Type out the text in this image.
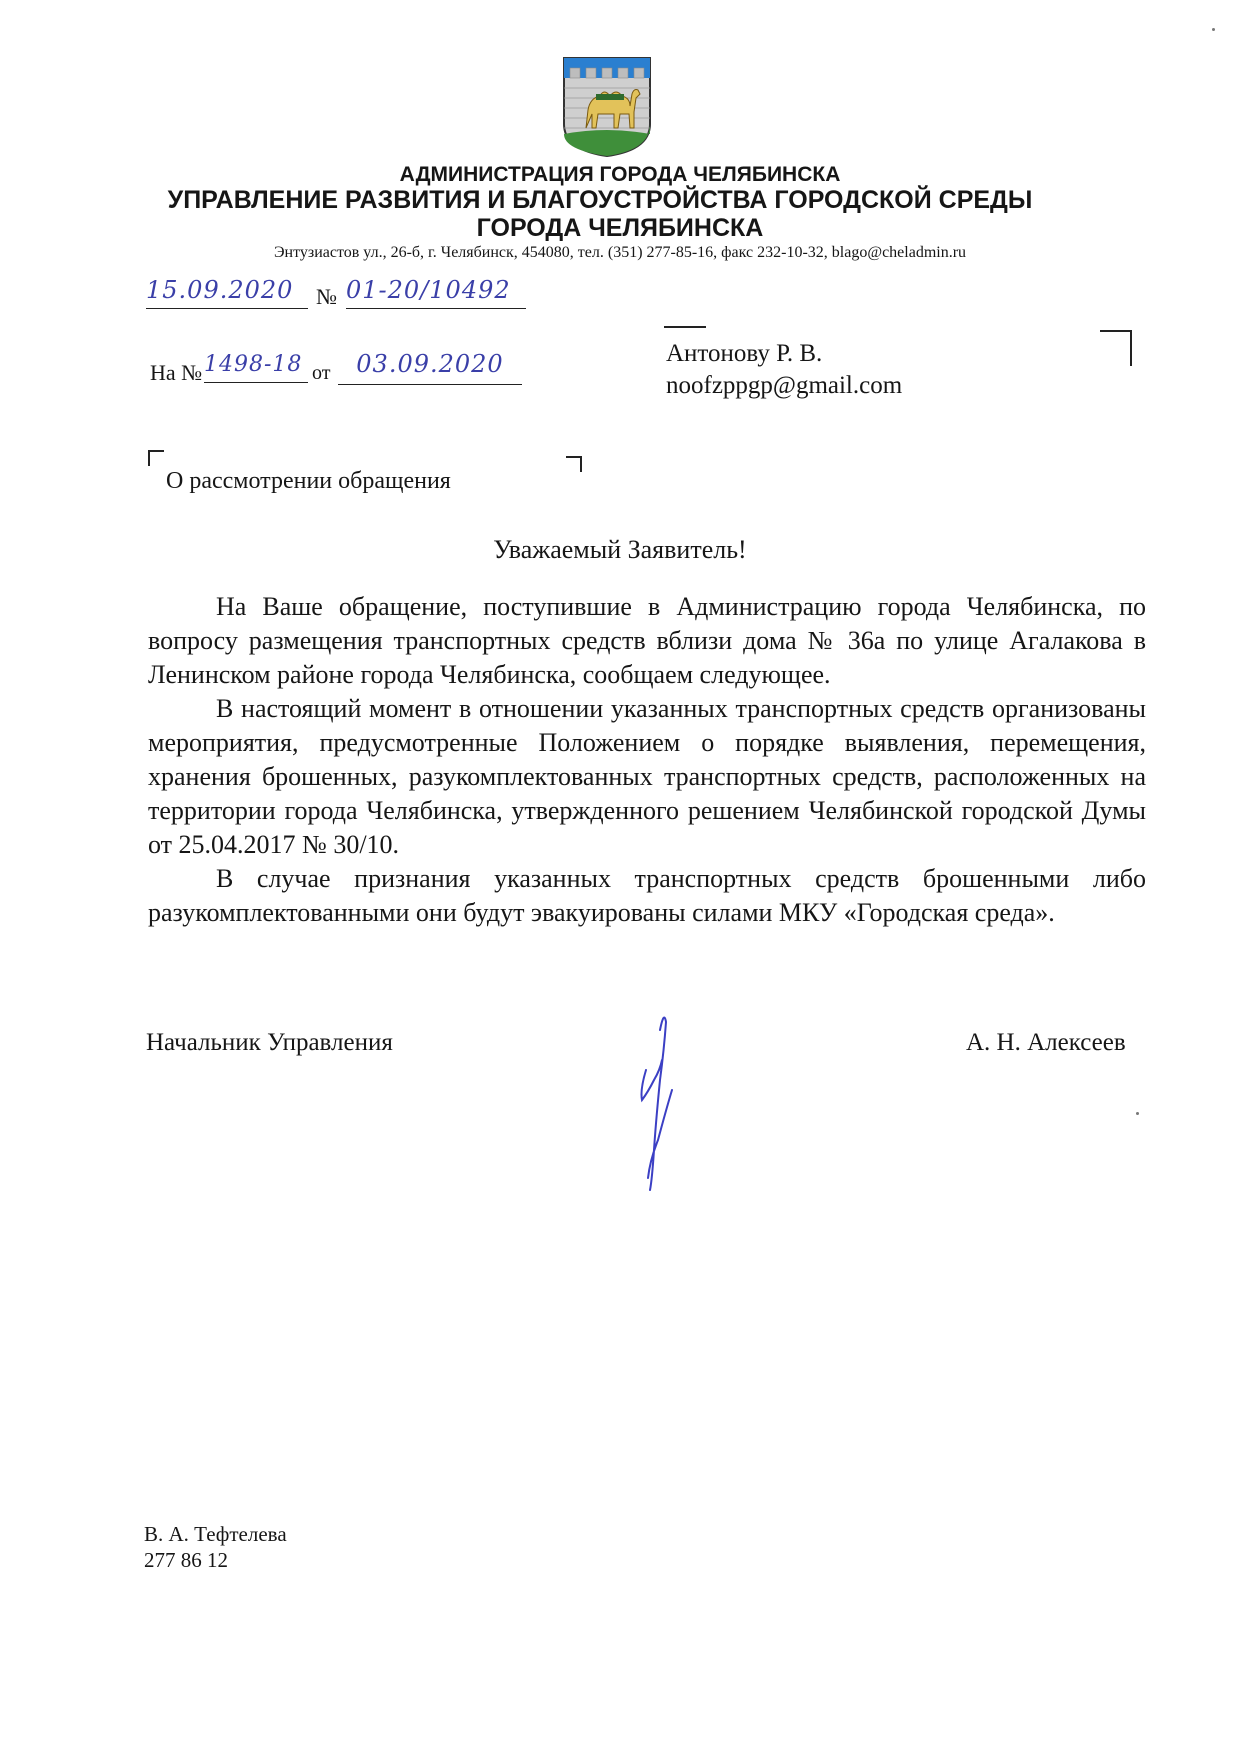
АДМИНИСТРАЦИЯ ГОРОДА ЧЕЛЯБИНСКА
УПРАВЛЕНИЕ РАЗВИТИЯ И БЛАГОУСТРОЙСТВА ГОРОДСКОЙ СРЕДЫ
ГОРОДА ЧЕЛЯБИНСКА
Энтузиастов ул., 26-б, г. Челябинск, 454080, тел. (351) 277-85-16, факс 232-10-32, blago@cheladmin.ru
15.09.2020	№ 01-20/10492
На № 1498-18 от	03.09.2020	Антонову Р. В.
noofzppgp@gmail.com
О рассмотрении обращения
Уважаемый Заявитель!

На Ваше обращение, поступившие в Администрацию города Челябинска, по вопросу размещения транспортных средств вблизи дома № 36а по улице Агалакова в Ленинском районе города Челябинска, сообщаем следующее.

В настоящий момент в отношении указанных транспортных средств организованы мероприятия, предусмотренные Положением о порядке выявления, перемещения, хранения брошенных, разукомплектованных транспортных средств, расположенных на территории города Челябинска, утвержденного решением Челябинской городской Думы от 25.04.2017 № 30/10.

В случае признания указанных транспортных средств брошенными либо разукомплектованными они будут эвакуированы силами МКУ «Городская среда».

Начальник Управления	А. Н. Алексеев
В. А. Тефтелева
277 86 12
